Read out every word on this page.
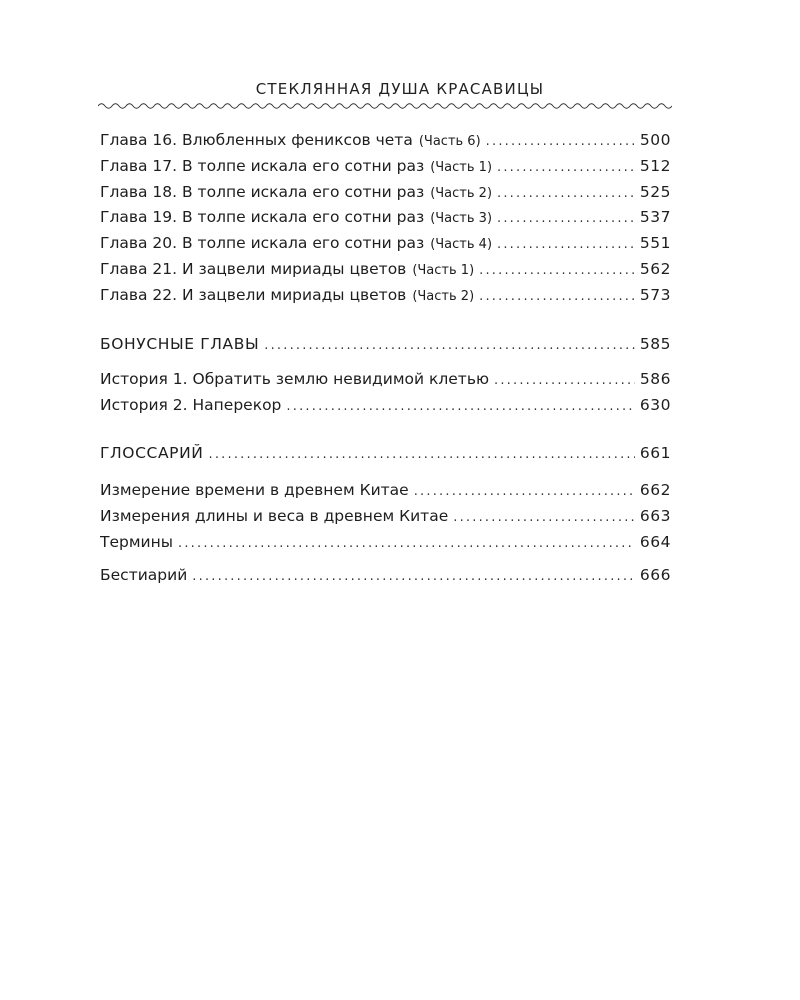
СТЕКЛЯННАЯ ДУША КРАСАВИЦЫ
Глава 16. Влюбленных фениксов чета (Часть 6) .....	500
Глава 17. В толпе искала его сотни раз (Часть 1) .....	512
Глава 18. В толпе искала его сотни раз (Часть 2) .....	525
Глава 19. В толпе искала его сотни раз (Часть 3) .....	537
Глава 20. В толпе искала его сотни раз (Часть 4) .....	551
Глава 21. И зацвели мириады цветов (Часть 1) .....	562
Глава 22. И зацвели мириады цветов (Часть 2) .....	573
БОНУСНЫЕ ГЛАВЫ .....	585
История 1. Обратить землю невидимой клетью .....	586
История 2. Наперекор .....	630
ГЛОССАРИЙ .....	661
Измерение времени в древнем Китае .....	662
Измерения длины и веса в древнем Китае .....	663
Термины .....	664
Бестиарий .....	666
